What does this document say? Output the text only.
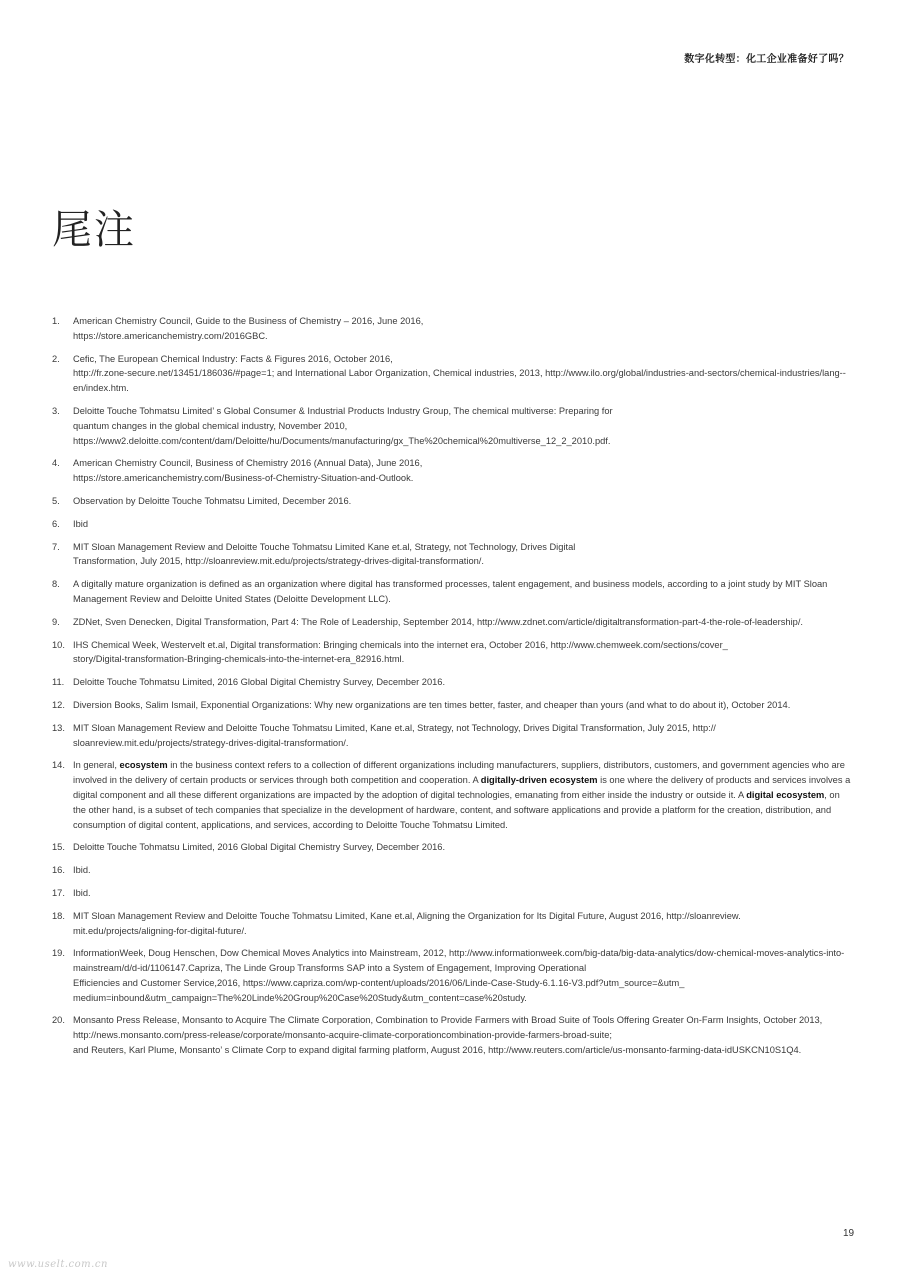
数字化转型：化工企业准备好了吗？
尾注
1. American Chemistry Council, Guide to the Business of Chemistry – 2016, June 2016,
https://store.americanchemistry.com/2016GBC.
2. Cefic, The European Chemical Industry: Facts & Figures 2016, October 2016,
http://fr.zone-secure.net/13451/186036/#page=1; and International Labor Organization, Chemical industries, 2013, http://www.ilo.org/global/industries-and-sectors/chemical-industries/lang--en/index.htm.
3. Deloitte Touche Tohmatsu Limited’ s Global Consumer & Industrial Products Industry Group, The chemical multiverse: Preparing for
quantum changes in the global chemical industry, November 2010,
https://www2.deloitte.com/content/dam/Deloitte/hu/Documents/manufacturing/gx_The%20chemical%20multiverse_12_2_2010.pdf.
4. American Chemistry Council, Business of Chemistry 2016 (Annual Data), June 2016,
https://store.americanchemistry.com/Business-of-Chemistry-Situation-and-Outlook.
5. Observation by Deloitte Touche Tohmatsu Limited, December 2016.
6. Ibid
7. MIT Sloan Management Review and Deloitte Touche Tohmatsu Limited Kane et.al, Strategy, not Technology, Drives Digital
Transformation, July 2015, http://sloanreview.mit.edu/projects/strategy-drives-digital-transformation/.
8. A digitally mature organization is defined as an organization where digital has transformed processes, talent engagement, and business models, according to a joint study by MIT Sloan Management Review and Deloitte United States (Deloitte Development LLC).
9. ZDNet, Sven Denecken, Digital Transformation, Part 4: The Role of Leadership, September 2014, http://www.zdnet.com/article/digitaltransformation-part-4-the-role-of-leadership/.
10. IHS Chemical Week, Westervelt et.al, Digital transformation: Bringing chemicals into the internet era, October 2016, http://www.chemweek.com/sections/cover_
story/Digital-transformation-Bringing-chemicals-into-the-internet-era_82916.html.
11. Deloitte Touche Tohmatsu Limited, 2016 Global Digital Chemistry Survey, December 2016.
12. Diversion Books, Salim Ismail, Exponential Organizations: Why new organizations are ten times better, faster, and cheaper than yours (and what to do about it), October 2014.
13. MIT Sloan Management Review and Deloitte Touche Tohmatsu Limited, Kane et.al, Strategy, not Technology, Drives Digital Transformation, July 2015, http://
sloanreview.mit.edu/projects/strategy-drives-digital-transformation/.
14. In general, ecosystem in the business context refers to a collection of different organizations including manufacturers, suppliers, distributors, customers, and government agencies who are involved in the delivery of certain products or services through both competition and cooperation. A digitally-driven ecosystem is one where the delivery of products and services involves a digital component and all these different organizations are impacted by the adoption of digital technologies, emanating from either inside the industry or outside it. A digital ecosystem, on the other hand, is a subset of tech companies that specialize in the development of hardware, content, and software applications and provide a platform for the creation, distribution, and consumption of digital content, applications, and services, according to Deloitte Touche Tohmatsu Limited.
15. Deloitte Touche Tohmatsu Limited, 2016 Global Digital Chemistry Survey, December 2016.
16. Ibid.
17. Ibid.
18. MIT Sloan Management Review and Deloitte Touche Tohmatsu Limited, Kane et.al, Aligning the Organization for Its Digital Future, August 2016, http://sloanreview.
mit.edu/projects/aligning-for-digital-future/.
19. InformationWeek, Doug Henschen, Dow Chemical Moves Analytics into Mainstream, 2012, http://www.informationweek.com/big-data/big-data-analytics/dow-chemical-moves-analytics-into-mainstream/d/d-id/1106147.Capriza, The Linde Group Transforms SAP into a System of Engagement, Improving Operational
Efficiencies and Customer Service,2016, https://www.capriza.com/wp-content/uploads/2016/06/Linde-Case-Study-6.1.16-V3.pdf?utm_source=&utm_
medium=inbound&utm_campaign=The%20Linde%20Group%20Case%20Study&utm_content=case%20study.
20. Monsanto Press Release, Monsanto to Acquire The Climate Corporation, Combination to Provide Farmers with Broad Suite of Tools Offering Greater On-Farm Insights, October 2013, http://news.monsanto.com/press-release/corporate/monsanto-acquire-climate-corporationcombination-provide-farmers-broad-suite;
and Reuters, Karl Plume, Monsanto’ s Climate Corp to expand digital farming platform, August 2016, http://www.reuters.com/article/us-monsanto-farming-data-idUSKCN10S1Q4.
19
www.uselt.com.cn
